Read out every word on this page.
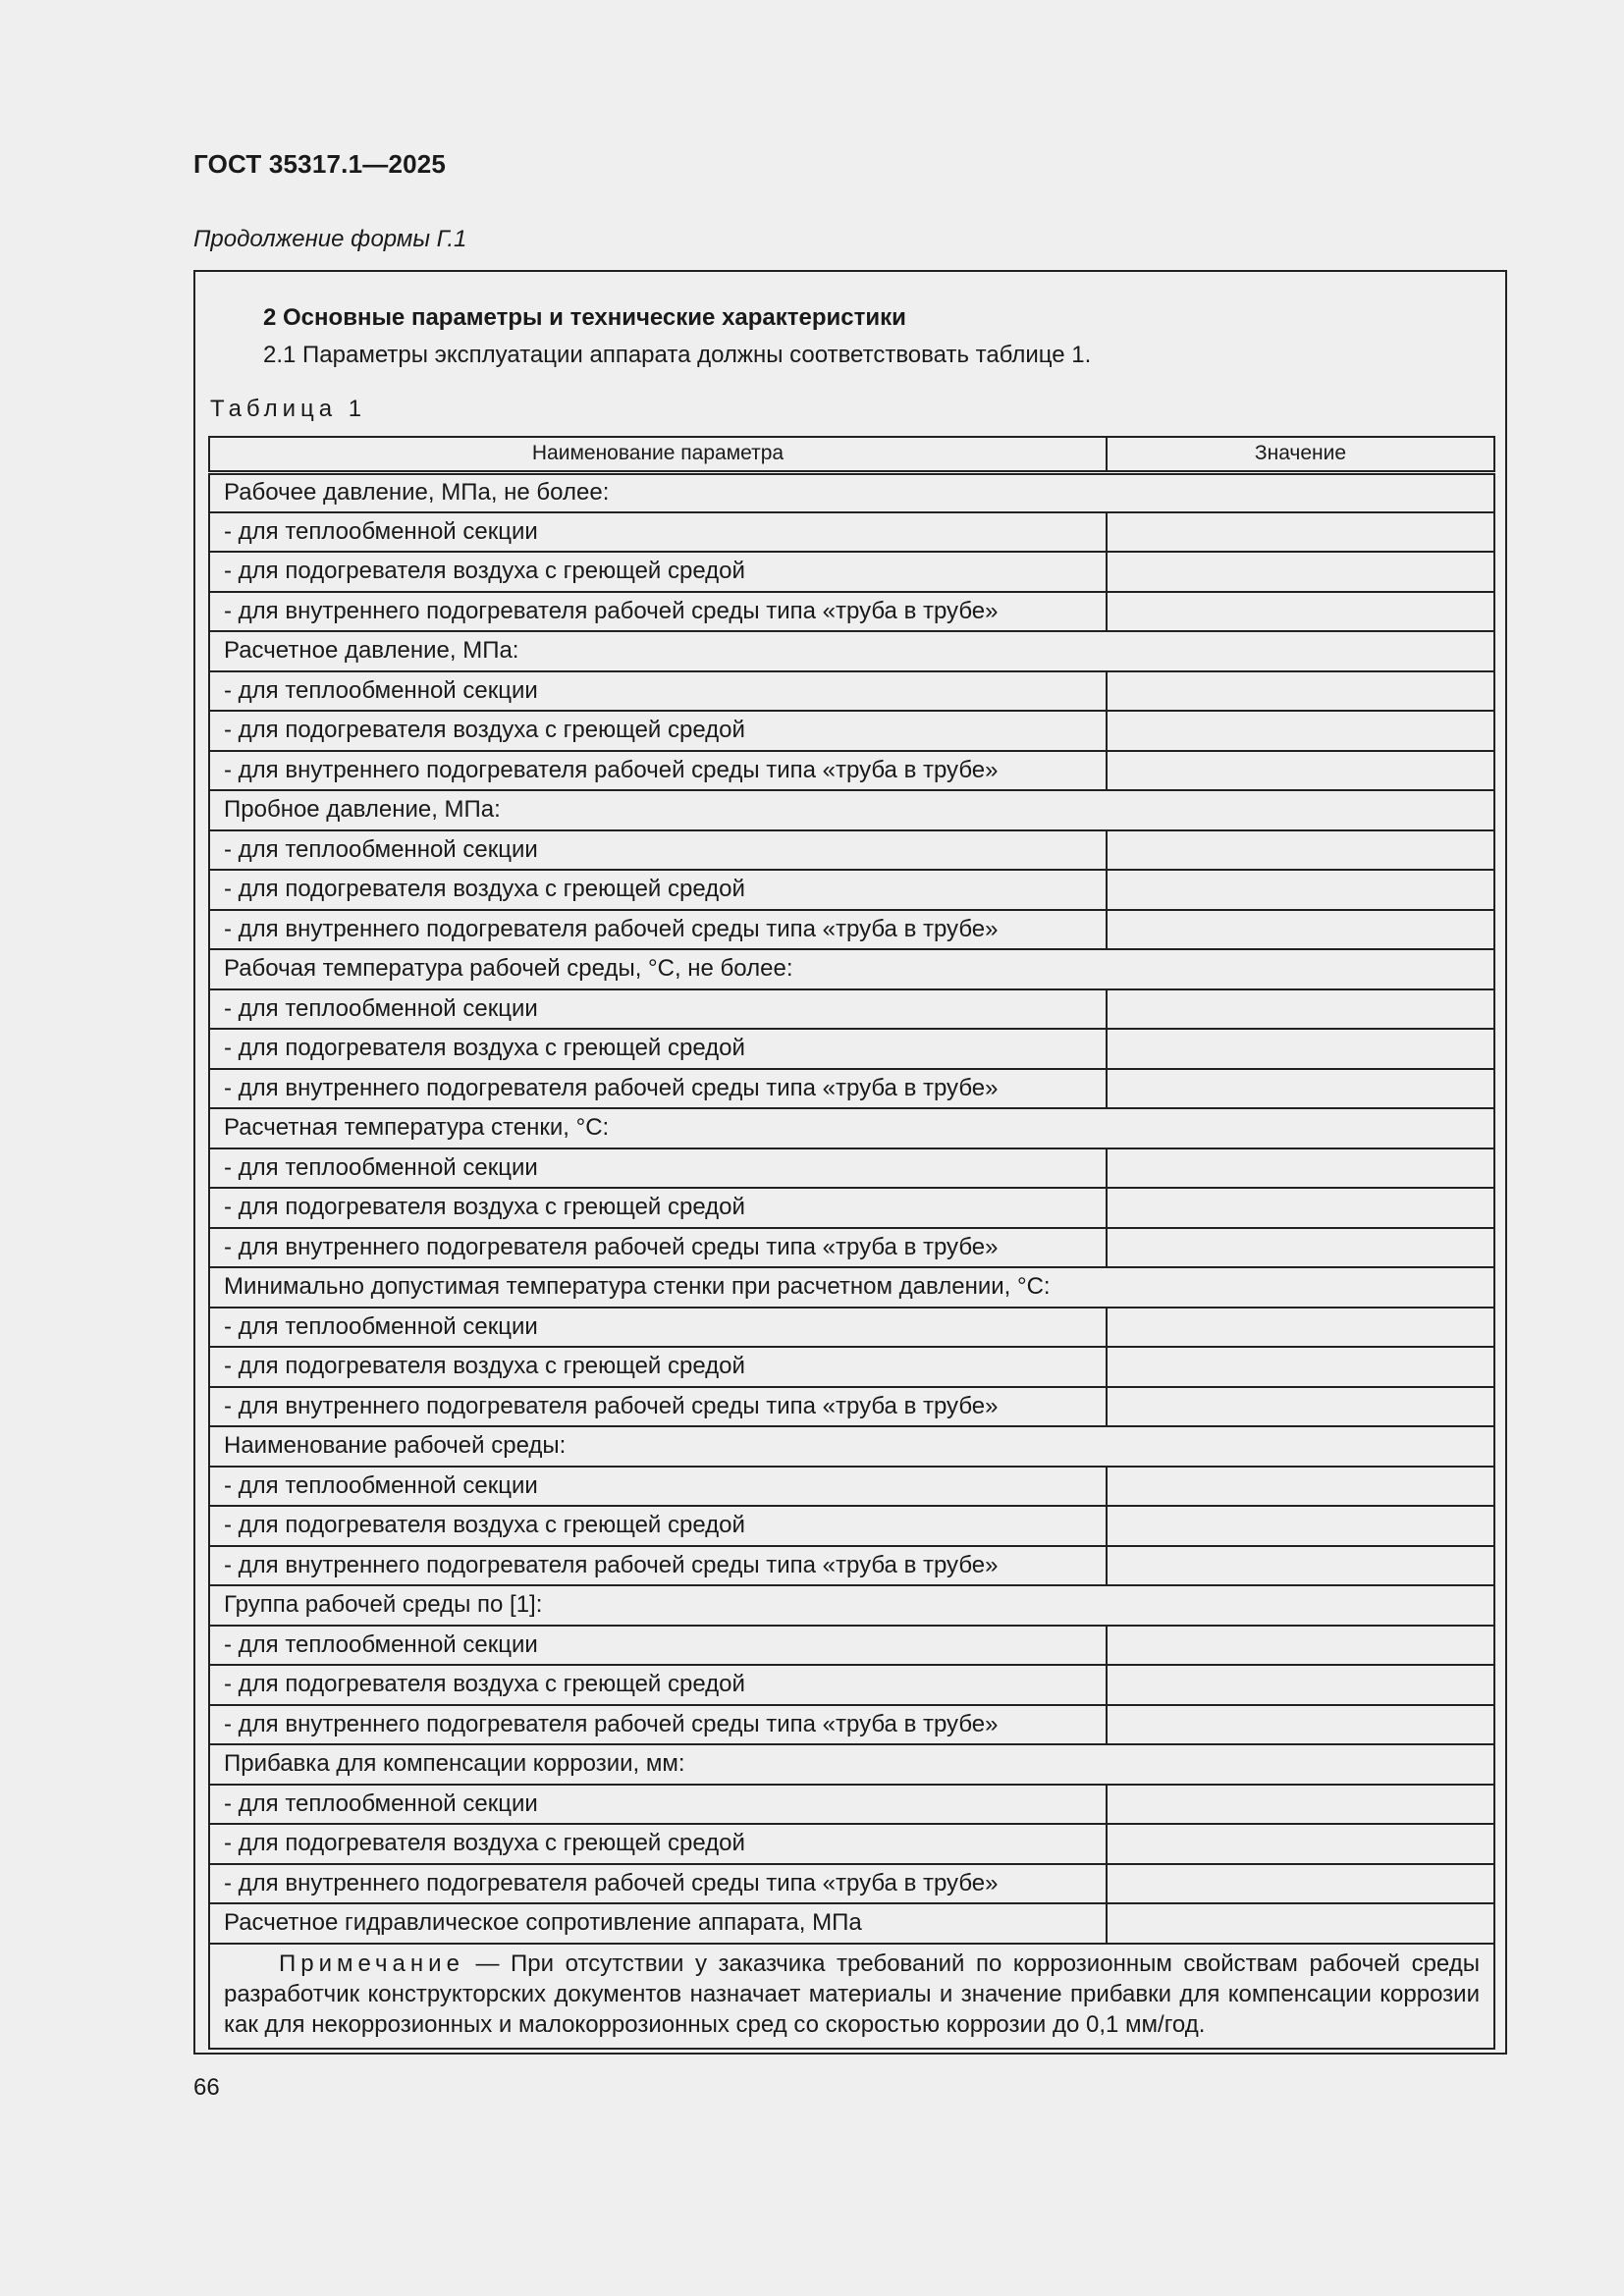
ГОСТ 35317.1—2025
Продолжение формы Г.1
2 Основные параметры и технические характеристики
2.1 Параметры эксплуатации аппарата должны соответствовать таблице 1.
Таблица 1
Наименование параметра	Значение
Рабочее давление, МПа, не более:	
- для теплообменной секции	
- для подогревателя воздуха с греющей средой	
- для внутреннего подогревателя рабочей среды типа «труба в трубе»	
Расчетное давление, МПа:	
- для теплообменной секции	
- для подогревателя воздуха с греющей средой	
- для внутреннего подогревателя рабочей среды типа «труба в трубе»	
Пробное давление, МПа:	
- для теплообменной секции	
- для подогревателя воздуха с греющей средой	
- для внутреннего подогревателя рабочей среды типа «труба в трубе»	
Рабочая температура рабочей среды, °С, не более:	
- для теплообменной секции	
- для подогревателя воздуха с греющей средой	
- для внутреннего подогревателя рабочей среды типа «труба в трубе»	
Расчетная температура стенки, °С:	
- для теплообменной секции	
- для подогревателя воздуха с греющей средой	
- для внутреннего подогревателя рабочей среды типа «труба в трубе»	
Минимально допустимая температура стенки при расчетном давлении, °С:	
- для теплообменной секции	
- для подогревателя воздуха с греющей средой	
- для внутреннего подогревателя рабочей среды типа «труба в трубе»	
Наименование рабочей среды:	
- для теплообменной секции	
- для подогревателя воздуха с греющей средой	
- для внутреннего подогревателя рабочей среды типа «труба в трубе»	
Группа рабочей среды по [1]:	
- для теплообменной секции	
- для подогревателя воздуха с греющей средой	
- для внутреннего подогревателя рабочей среды типа «труба в трубе»	
Прибавка для компенсации коррозии, мм:	
- для теплообменной секции	
- для подогревателя воздуха с греющей средой	
- для внутреннего подогревателя рабочей среды типа «труба в трубе»	
Расчетное гидравлическое сопротивление аппарата, МПа	
Примечание — При отсутствии у заказчика требований по коррозионным свойствам рабочей среды разработчик конструкторских документов назначает материалы и значение прибавки для компенсации коррозии как для некоррозионных и малокоррозионных сред со скоростью коррозии до 0,1 мм/год.	
66
